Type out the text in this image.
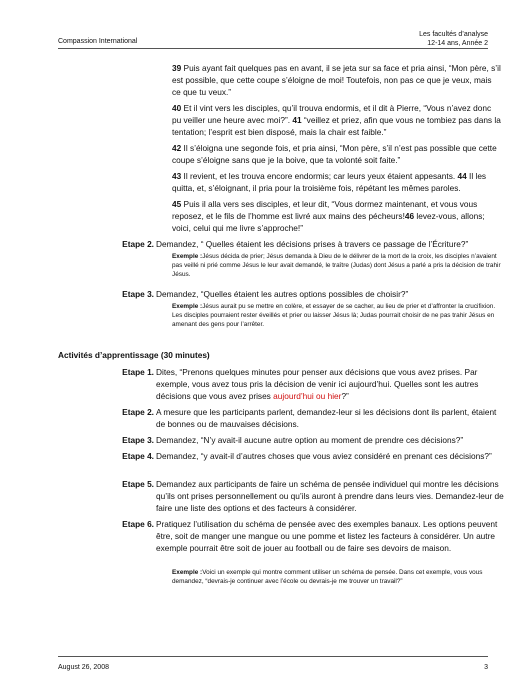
Compassion International
Les facultés d’analyse
12-14 ans, Année 2

39 Puis ayant fait quelques pas en avant, il se jeta sur sa face et pria ainsi, “Mon père, s’il est possible, que cette coupe s’éloigne de moi! Toutefois, non pas ce que je veux, mais ce que tu veux.”

40 Et il vint vers les disciples, qu’il trouva endormis, et il dit à Pierre, “Vous n’avez donc pu veiller une heure avec moi?”. 41 “veillez et priez, afin que vous ne tombiez pas dans la tentation; l’esprit est bien disposé, mais la chair est faible.”

42 Il s’éloigna une segonde fois, et pria ainsi, “Mon père, s’il n’est pas possible que cette coupe s’éloigne sans que je la boive, que ta volonté soit faite.”

43 Il revient, et les trouva encore endormis; car leurs yeux étaient appesants. 44 Il les quitta, et, s’éloignant, il pria pour la troisième fois, répétant les mêmes paroles.

45 Puis il alla vers ses disciples, et leur dit, “Vous dormez maintenant, et vous vous reposez, et le fils de l’homme est livré aux mains des pécheurs!46 levez-vous, allons; voici, celui qui me livre s’approche!”

Etape 2. Demandez, “ Quelles étaient les décisions prises à travers ce passage de l’Écriture?”
Exemple :Jésus décida de prier; Jésus demanda à Dieu de le délivrer de la mort de la croix, les disciples n’avaient pas veillé ni prié comme Jésus le leur avait demandé, le traître (Judas) dont Jésus a parlé a pris la décision de trahir Jésus.
Etape 3. Demandez, “Quelles étaient les autres options possibles de choisir?”
Exemple :Jésus aurait pu se mettre en colère, et essayer de se cacher, au lieu de prier et d’affronter la crucifixion. Les disciples pourraient rester éveillés et prier ou laisser Jésus là; Judas pourrait choisir de ne pas trahir Jésus en amenant des gens pour l’arrêter.
Activités d’apprentissage (30 minutes)
Etape 1. Dites, “Prenons quelques minutes pour penser aux décisions que vous avez prises. Par exemple, vous avez tous pris la décision de venir ici aujourd’hui. Quelles sont les autres décisions que vous avez prises aujourd’hui ou hier?”
Etape 2. A mesure que les participants parlent, demandez-leur si les décisions dont ils parlent, étaient de bonnes ou de mauvaises décisions.
Etape 3. Demandez, “N’y avait-il aucune autre option au moment de prendre ces décisions?”
Etape 4. Demandez, “y avait-il d’autres choses que vous aviez considéré en prenant ces décisions?”
Etape 5. Demandez aux participants de faire un schéma de pensée individuel qui montre les décisions qu’ils ont prises personnellement ou qu’ils auront à prendre dans leurs vies. Demandez-leur de faire une liste des options et des facteurs à considérer.
Etape 6. Pratiquez l’utilisation du schéma de pensée avec des exemples banaux. Les options peuvent être, soit de manger une mangue ou une pomme et listez les facteurs à considérer. Un autre exemple pourrait être soit de jouer au football ou de faire ses devoirs de maison.
Exemple :Voici un exemple qui montre comment utiliser un schéma de pensée. Dans cet exemple, vous vous demandez, “devrais-je continuer avec l’école ou devrais-je me trouver un travail?”
August 26, 2008	3
